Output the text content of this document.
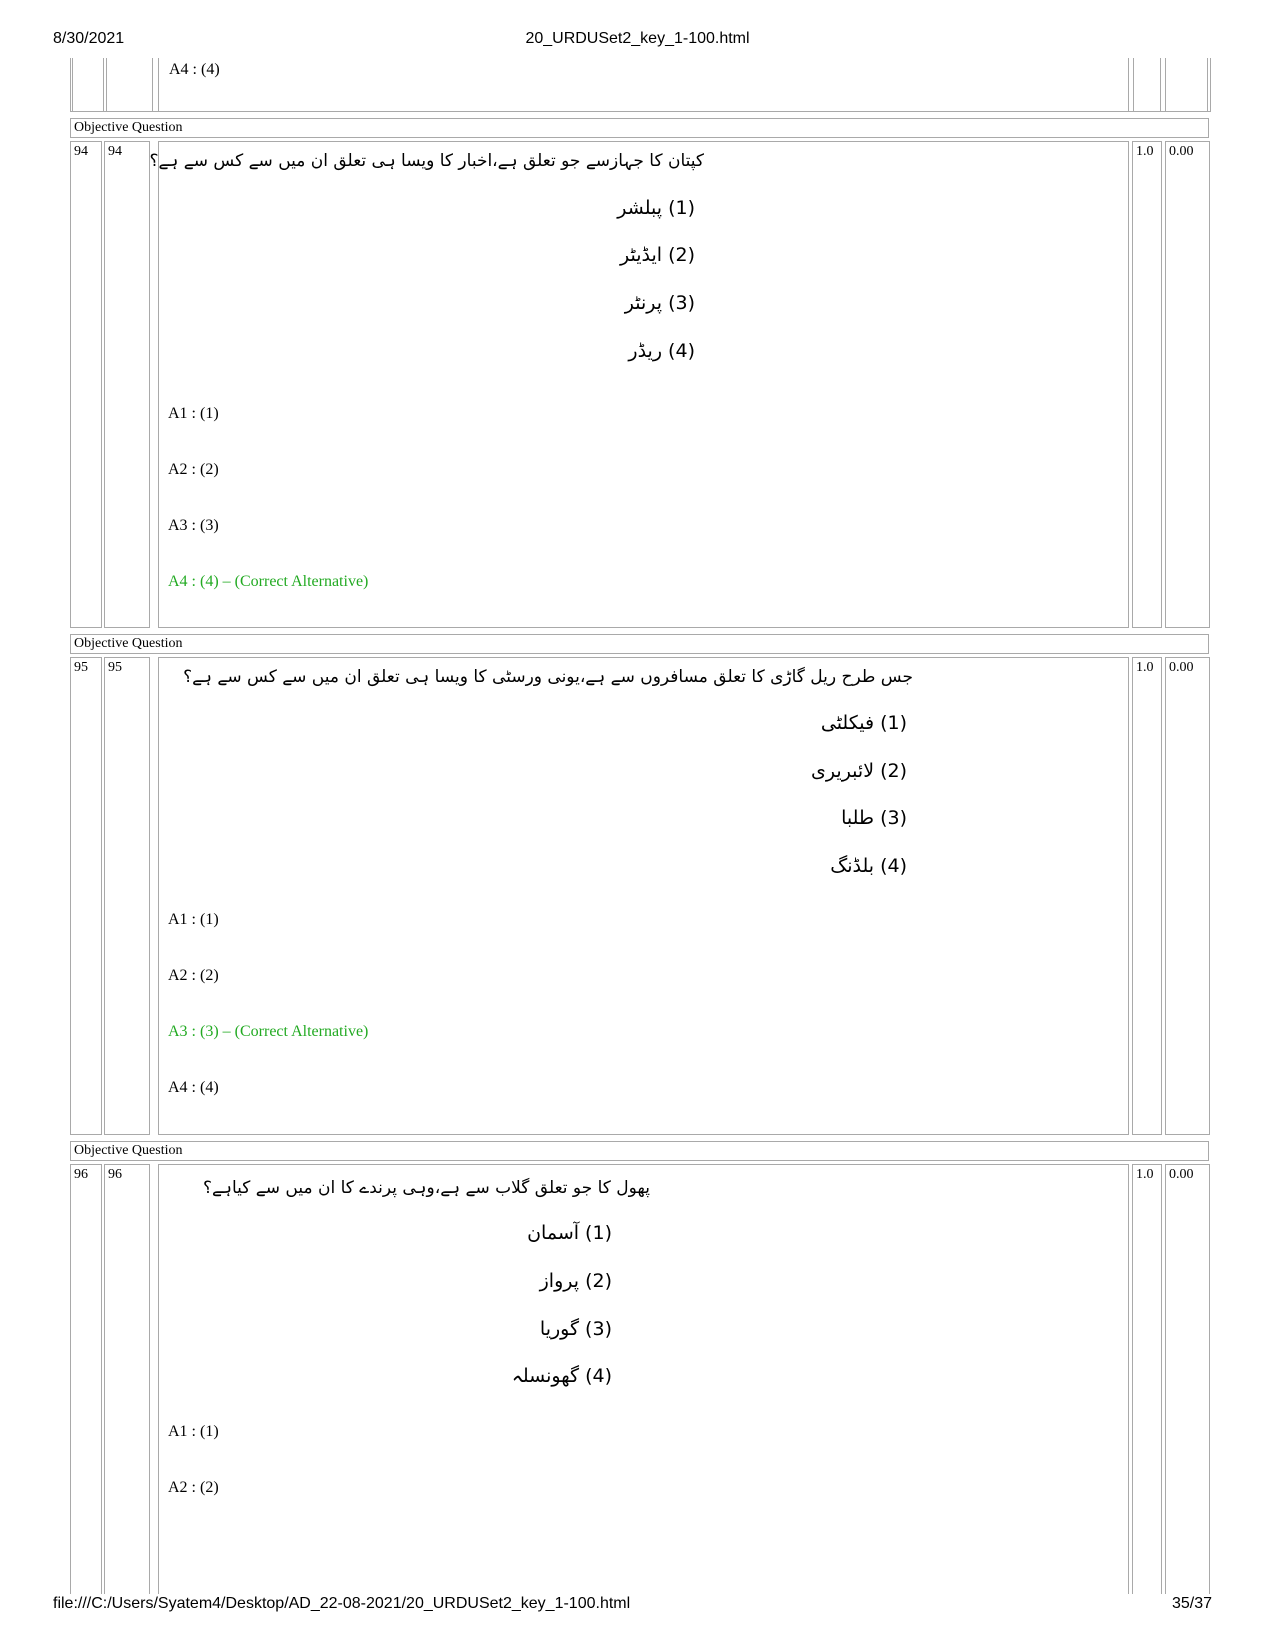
8/30/2021	20_URDUSet2_key_1-100.html
A4 : (4)
Objective Question
94	94	کپتان کا جہازسے جو تعلق ہے،اخبار کا ویسا ہی تعلق ان میں سے کس سے ہے؟
(1) پبلشر
(2) ایڈیٹر
(3) پرنٹر
(4) ریڈر
A1 : (1)
A2 : (2)
A3 : (3)
A4 : (4) – (Correct Alternative)
1.0	0.00
Objective Question
95	95	جس طرح ریل گاڑی کا تعلق مسافروں سے ہے،یونی ورسٹی کا ویسا ہی تعلق ان میں سے کس سے ہے؟
(1) فیکلٹی
(2) لائبریری
(3) طلبا
(4) بلڈنگ
A1 : (1)
A2 : (2)
A3 : (3) – (Correct Alternative)
A4 : (4)
1.0	0.00
Objective Question
96	96
پھول کا جو تعلق گلاب سے ہے،وہی پرندے کا ان میں سے کیاہے؟
(1) آسمان
(2) پرواز
(3) گوریا
(4) گھونسلہ
A1 : (1)
A2 : (2)
1.0	0.00
file:///C:/Users/Syatem4/Desktop/AD_22-08-2021/20_URDUSet2_key_1-100.html	35/37
